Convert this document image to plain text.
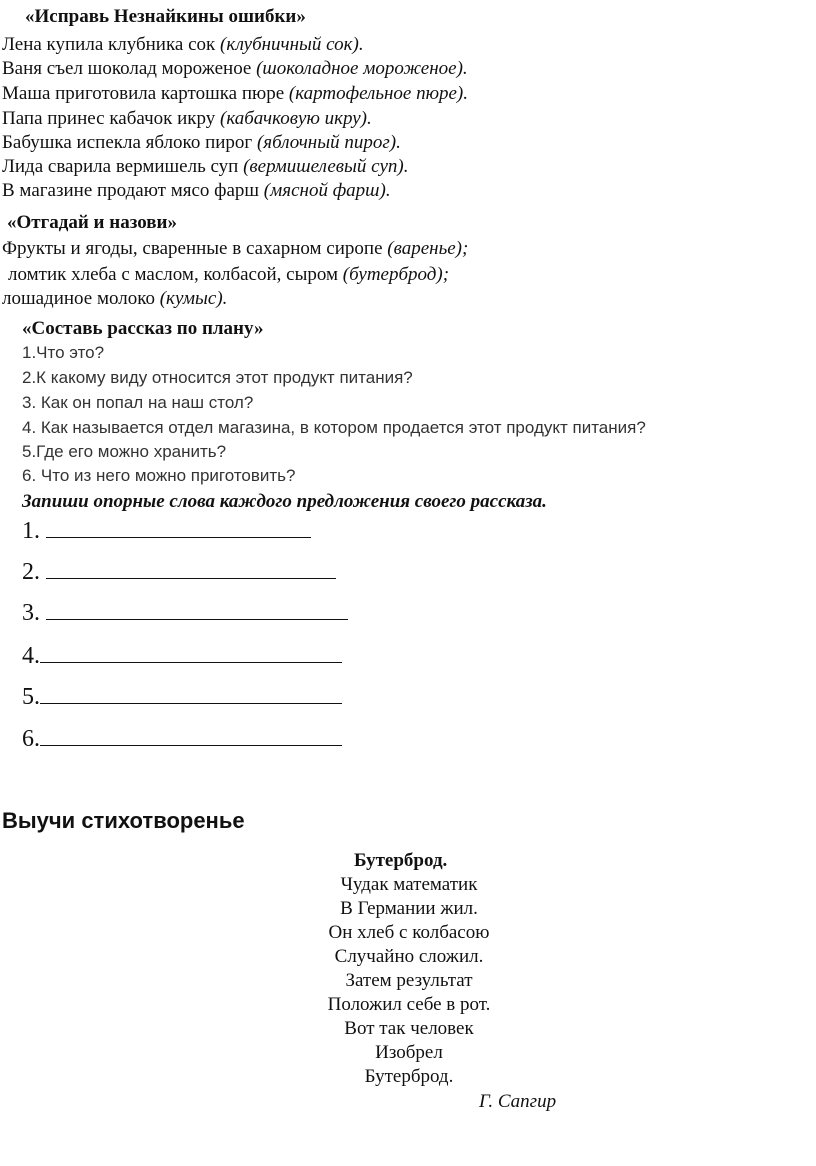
«Исправь Незнайкины ошибки»
Лена купила клубника сок (клубничный сок).
Ваня съел шоколад мороженое (шоколадное мороженое).
Маша приготовила картошка пюре (картофельное пюре).
Папа принес кабачок икру (кабачковую икру).
Бабушка испекла яблоко пирог (яблочный пирог).
Лида сварила вермишель суп (вермишелевый суп).
В магазине продают мясо фарш (мясной фарш).
«Отгадай и назови»
Фрукты и ягоды, сваренные в сахарном сиропе (варенье);
ломтик хлеба с маслом, колбасой, сыром (бутерброд);
лошадиное молоко (кумыс).
«Составь рассказ по плану»
1.Что это?
2.К какому виду относится этот продукт питания?
3. Как он попал на наш стол?
4. Как называется отдел магазина, в котором продается этот продукт питания?
5.Где его можно хранить?
6. Что из него можно приготовить?
Запиши опорные слова каждого предложения своего рассказа.
1.
2.
3.
4.
5.
6.
Выучи стихотворенье
Бутерброд.
Чудак математик
В Германии жил.
Он хлеб с колбасою
Случайно сложил.
Затем результат
Положил себе в рот.
Вот так человек
Изобрел
Бутерброд.
Г. Сапгир
